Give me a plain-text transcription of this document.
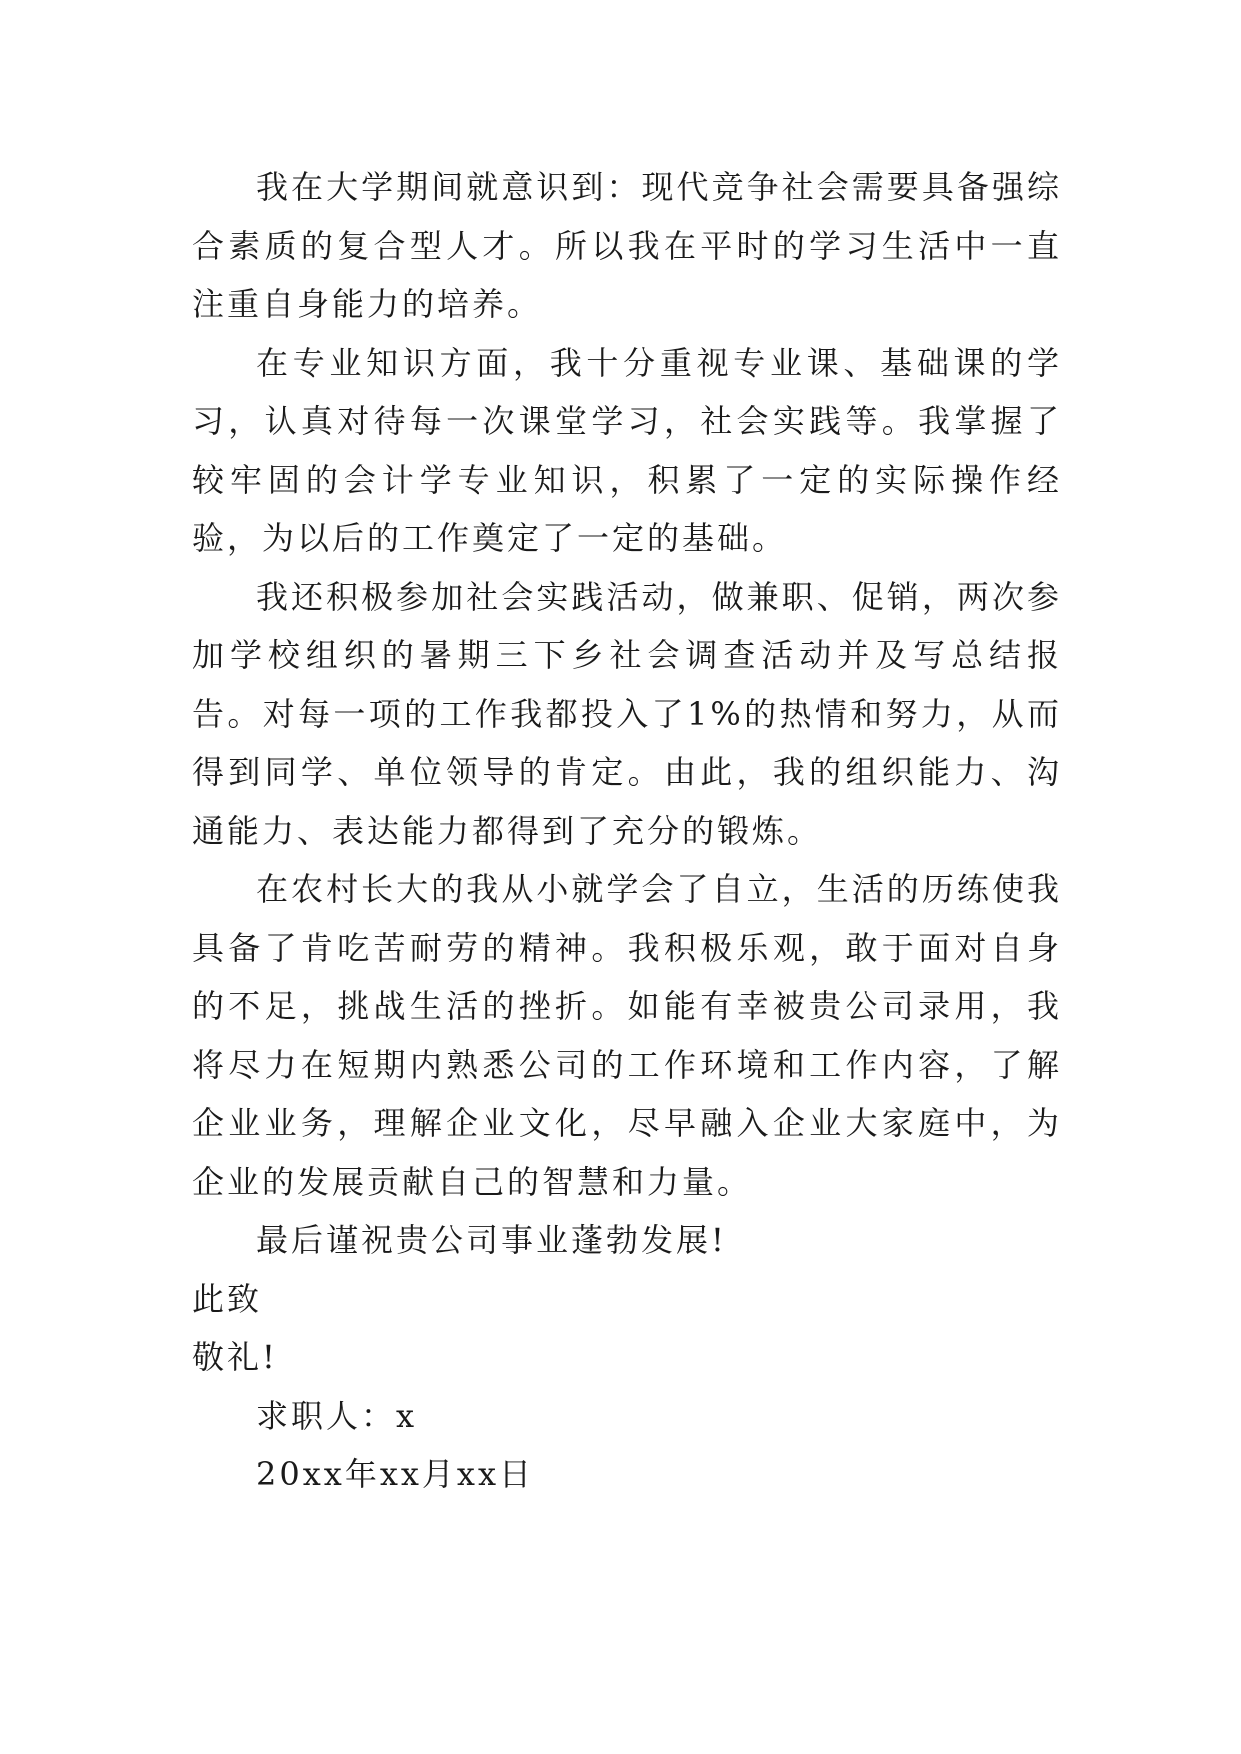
我在大学期间就意识到：现代竞争社会需要具备强综合素质的复合型人才。所以我在平时的学习生活中一直注重自身能力的培养。

在专业知识方面，我十分重视专业课、基础课的学习，认真对待每一次课堂学习，社会实践等。我掌握了较牢固的会计学专业知识，积累了一定的实际操作经验，为以后的工作奠定了一定的基础。

我还积极参加社会实践活动，做兼职、促销，两次参加学校组织的暑期三下乡社会调查活动并及写总结报告。对每一项的工作我都投入了1%的热情和努力，从而得到同学、单位领导的肯定。由此，我的组织能力、沟通能力、表达能力都得到了充分的锻炼。

在农村长大的我从小就学会了自立，生活的历练使我具备了肯吃苦耐劳的精神。我积极乐观，敢于面对自身的不足，挑战生活的挫折。如能有幸被贵公司录用，我将尽力在短期内熟悉公司的工作环境和工作内容，了解企业业务，理解企业文化，尽早融入企业大家庭中，为企业的发展贡献自己的智慧和力量。

最后谨祝贵公司事业蓬勃发展!

此致

敬礼!

求职人：x

20xx年xx月xx日
